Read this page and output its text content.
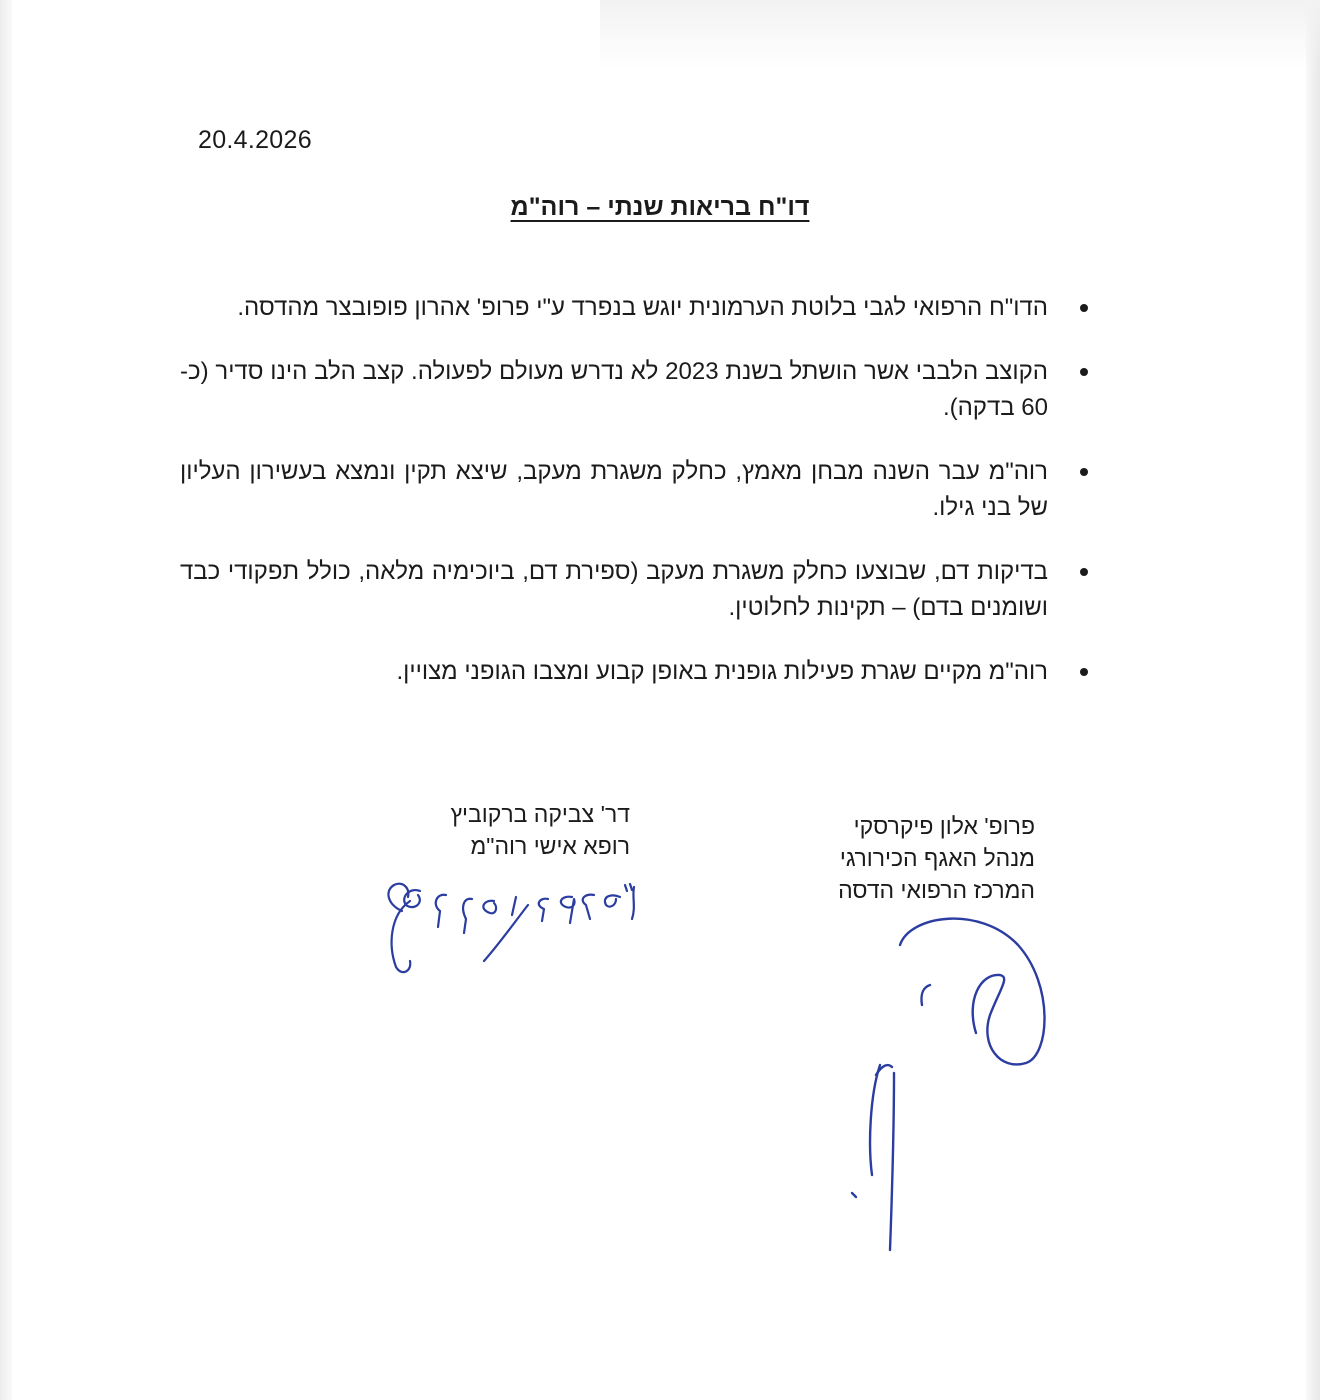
20.4.2026
דו"ח בריאות שנתי – רוה"מ
הדו"ח הרפואי לגבי בלוטת הערמונית יוגש בנפרד ע"י פרופ' אהרון פופובצר מהדסה.
הקוצב הלבבי אשר הושתל בשנת 2023 לא נדרש מעולם לפעולה. קצב הלב הינו סדיר (כ- 60 בדקה).
רוה"מ עבר השנה מבחן מאמץ, כחלק משגרת מעקב, שיצא תקין ונמצא בעשירון העליון של בני גילו.
בדיקות דם, שבוצעו כחלק משגרת מעקב (ספירת דם, ביוכימיה מלאה, כולל תפקודי כבד ושומנים בדם) – תקינות לחלוטין.
רוה"מ מקיים שגרת פעילות גופנית באופן קבוע ומצבו הגופני מצויין.
דר' צביקה ברקוביץ
רופא אישי רוה"מ
פרופ' אלון פיקרסקי
מנהל האגף הכירורגי
המרכז הרפואי הדסה
